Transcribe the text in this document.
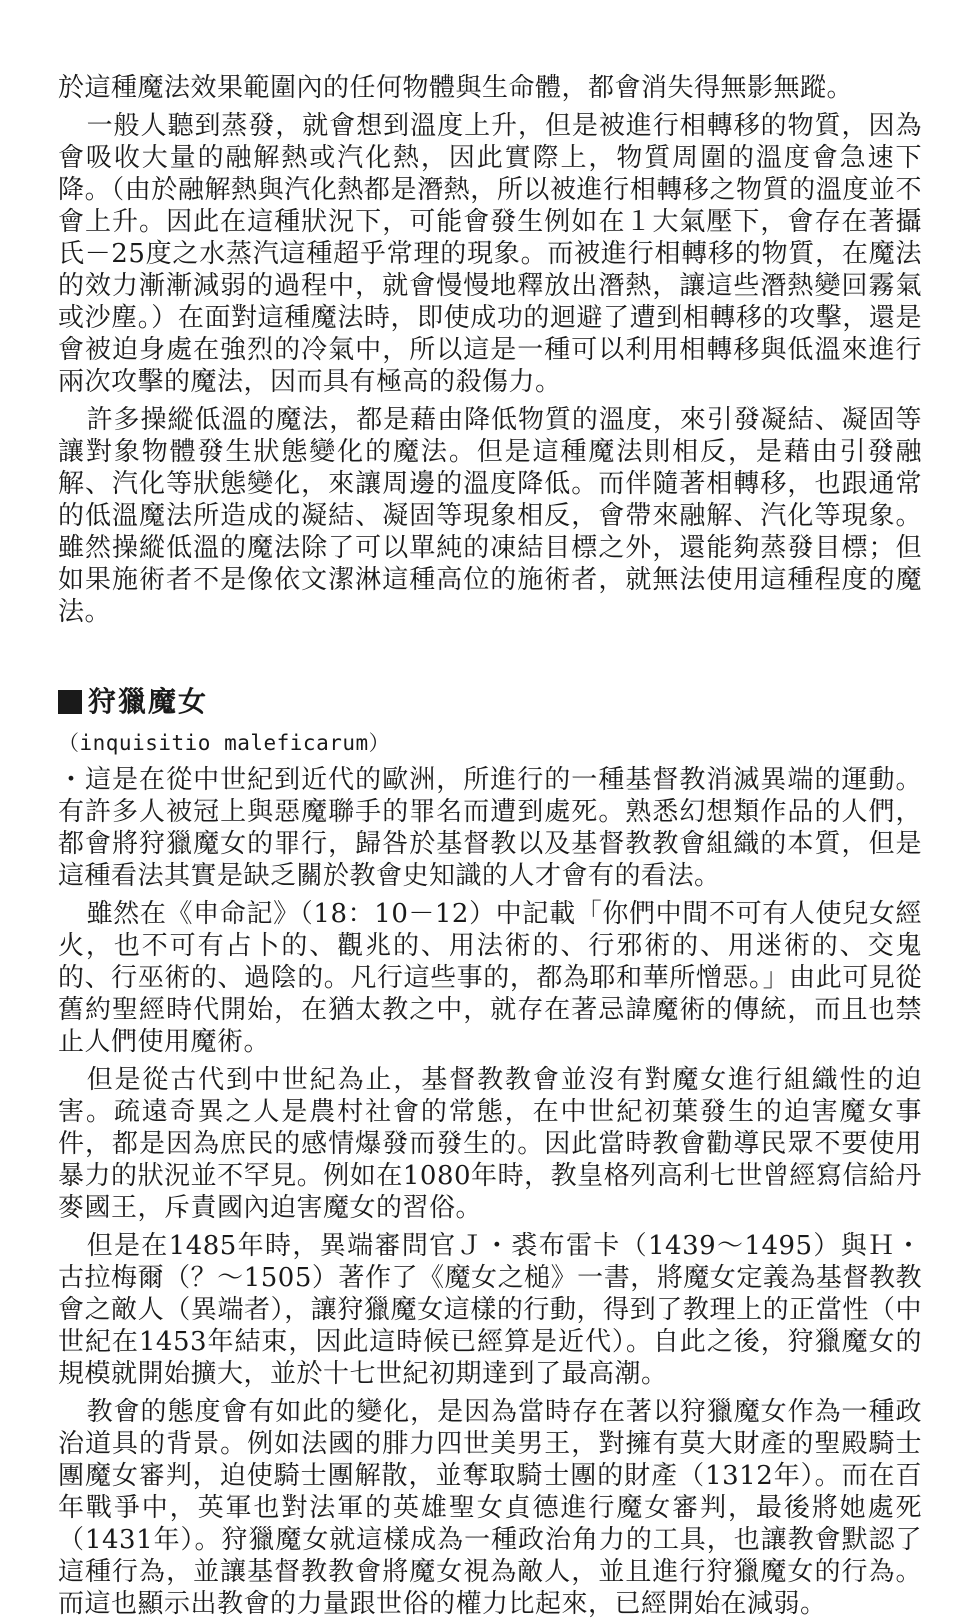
於這種魔法效果範圍內的任何物體與生命體，都會消失得無影無蹤。

一般人聽到蒸發，就會想到溫度上升，但是被進行相轉移的物質，因為會吸收大量的融解熱或汽化熱，因此實際上，物質周圍的溫度會急速下降。（由於融解熱與汽化熱都是潛熱，所以被進行相轉移之物質的溫度並不會上升。因此在這種狀況下，可能會發生例如在１大氣壓下，會存在著攝氏－25度之水蒸汽這種超乎常理的現象。而被進行相轉移的物質，在魔法的效力漸漸減弱的過程中，就會慢慢地釋放出潛熱，讓這些潛熱變回霧氣或沙塵。）在面對這種魔法時，即使成功的迴避了遭到相轉移的攻擊，還是會被迫身處在強烈的冷氣中，所以這是一種可以利用相轉移與低溫來進行兩次攻擊的魔法，因而具有極高的殺傷力。

許多操縱低溫的魔法，都是藉由降低物質的溫度，來引發凝結、凝固等讓對象物體發生狀態變化的魔法。但是這種魔法則相反，是藉由引發融解、汽化等狀態變化，來讓周邊的溫度降低。而伴隨著相轉移，也跟通常的低溫魔法所造成的凝結、凝固等現象相反，會帶來融解、汽化等現象。雖然操縱低溫的魔法除了可以單純的凍結目標之外，還能夠蒸發目標；但如果施術者不是像依文潔淋這種高位的施術者，就無法使用這種程度的魔法。

狩獵魔女
（inquisitio maleficarum）

・這是在從中世紀到近代的歐洲，所進行的一種基督教消滅異端的運動。有許多人被冠上與惡魔聯手的罪名而遭到處死。熟悉幻想類作品的人們，都會將狩獵魔女的罪行，歸咎於基督教以及基督教教會組織的本質，但是這種看法其實是缺乏關於教會史知識的人才會有的看法。

雖然在《申命記》（18：10－12）中記載「你們中間不可有人使兒女經火，也不可有占卜的、觀兆的、用法術的、行邪術的、用迷術的、交鬼的、行巫術的、過陰的。凡行這些事的，都為耶和華所憎惡。」由此可見從舊約聖經時代開始，在猶太教之中，就存在著忌諱魔術的傳統，而且也禁止人們使用魔術。

但是從古代到中世紀為止，基督教教會並沒有對魔女進行組織性的迫害。疏遠奇異之人是農村社會的常態，在中世紀初葉發生的迫害魔女事件，都是因為庶民的感情爆發而發生的。因此當時教會勸導民眾不要使用暴力的狀況並不罕見。例如在1080年時，教皇格列高利七世曾經寫信給丹麥國王，斥責國內迫害魔女的習俗。

但是在1485年時，異端審問官Ｊ・裘布雷卡（1439～1495）與Ｈ・古拉梅爾（？～1505）著作了《魔女之槌》一書，將魔女定義為基督教教會之敵人（異端者），讓狩獵魔女這樣的行動，得到了教理上的正當性（中世紀在1453年結束，因此這時候已經算是近代）。自此之後，狩獵魔女的規模就開始擴大，並於十七世紀初期達到了最高潮。

教會的態度會有如此的變化，是因為當時存在著以狩獵魔女作為一種政治道具的背景。例如法國的腓力四世美男王，對擁有莫大財產的聖殿騎士團魔女審判，迫使騎士團解散，並奪取騎士團的財產（1312年）。而在百年戰爭中，英軍也對法軍的英雄聖女貞德進行魔女審判，最後將她處死（1431年）。狩獵魔女就這樣成為一種政治角力的工具，也讓教會默認了這種行為，並讓基督教教會將魔女視為敵人，並且進行狩獵魔女的行為。而這也顯示出教會的力量跟世俗的權力比起來，已經開始在減弱。
